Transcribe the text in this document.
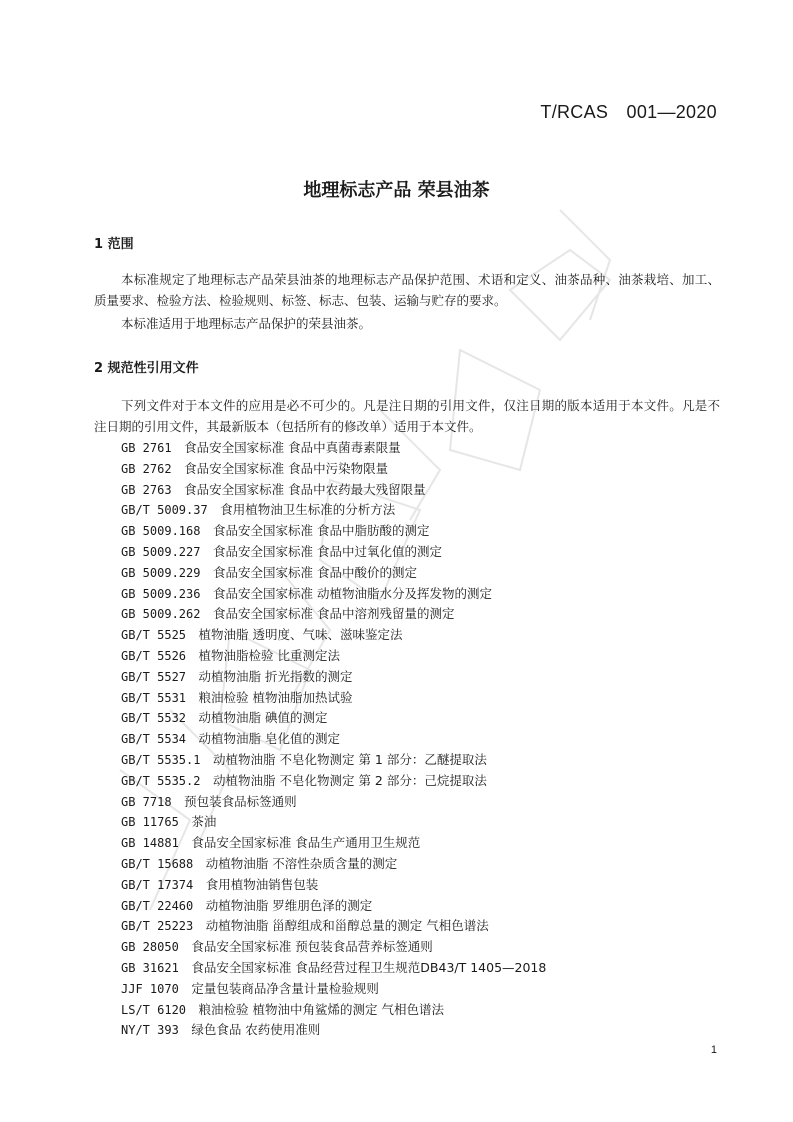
T/RCAS　001—2020
地理标志产品 荣县油茶
1 范围
本标准规定了地理标志产品荣县油茶的地理标志产品保护范围、术语和定义、油茶品种、油茶栽培、加工、质量要求、检验方法、检验规则、标签、标志、包装、运输与贮存的要求。
本标准适用于地理标志产品保护的荣县油茶。
2 规范性引用文件
下列文件对于本文件的应用是必不可少的。凡是注日期的引用文件，仅注日期的版本适用于本文件。凡是不注日期的引用文件，其最新版本（包括所有的修改单）适用于本文件。
GB 2761　 食品安全国家标准 食品中真菌毒素限量
GB 2762　 食品安全国家标准 食品中污染物限量
GB 2763　 食品安全国家标准 食品中农药最大残留限量
GB/T 5009.37　 食用植物油卫生标准的分析方法
GB 5009.168　 食品安全国家标准 食品中脂肪酸的测定
GB 5009.227　 食品安全国家标准 食品中过氧化值的测定
GB 5009.229　 食品安全国家标准 食品中酸价的测定
GB 5009.236　 食品安全国家标准 动植物油脂水分及挥发物的测定
GB 5009.262　 食品安全国家标准 食品中溶剂残留量的测定
GB/T 5525　 植物油脂 透明度、气味、滋味鉴定法
GB/T 5526　 植物油脂检验 比重测定法
GB/T 5527　 动植物油脂 折光指数的测定
GB/T 5531　 粮油检验 植物油脂加热试验
GB/T 5532　 动植物油脂 碘值的测定
GB/T 5534　 动植物油脂 皂化值的测定
GB/T 5535.1　 动植物油脂 不皂化物测定 第 1 部分：乙醚提取法
GB/T 5535.2　 动植物油脂 不皂化物测定 第 2 部分：己烷提取法
GB 7718　 预包装食品标签通则
GB 11765　 茶油
GB 14881　 食品安全国家标准 食品生产通用卫生规范
GB/T 15688　 动植物油脂 不溶性杂质含量的测定
GB/T 17374　 食用植物油销售包装
GB/T 22460　 动植物油脂 罗维朋色泽的测定
GB/T 25223　 动植物油脂 甾醇组成和甾醇总量的测定 气相色谱法
GB 28050　 食品安全国家标准 预包装食品营养标签通则
GB 31621　 食品安全国家标准 食品经营过程卫生规范DB43/T 1405—2018
JJF 1070　 定量包装商品净含量计量检验规则
LS/T 6120　 粮油检验 植物油中角鲨烯的测定 气相色谱法
NY/T 393　 绿色食品 农药使用准则
1
